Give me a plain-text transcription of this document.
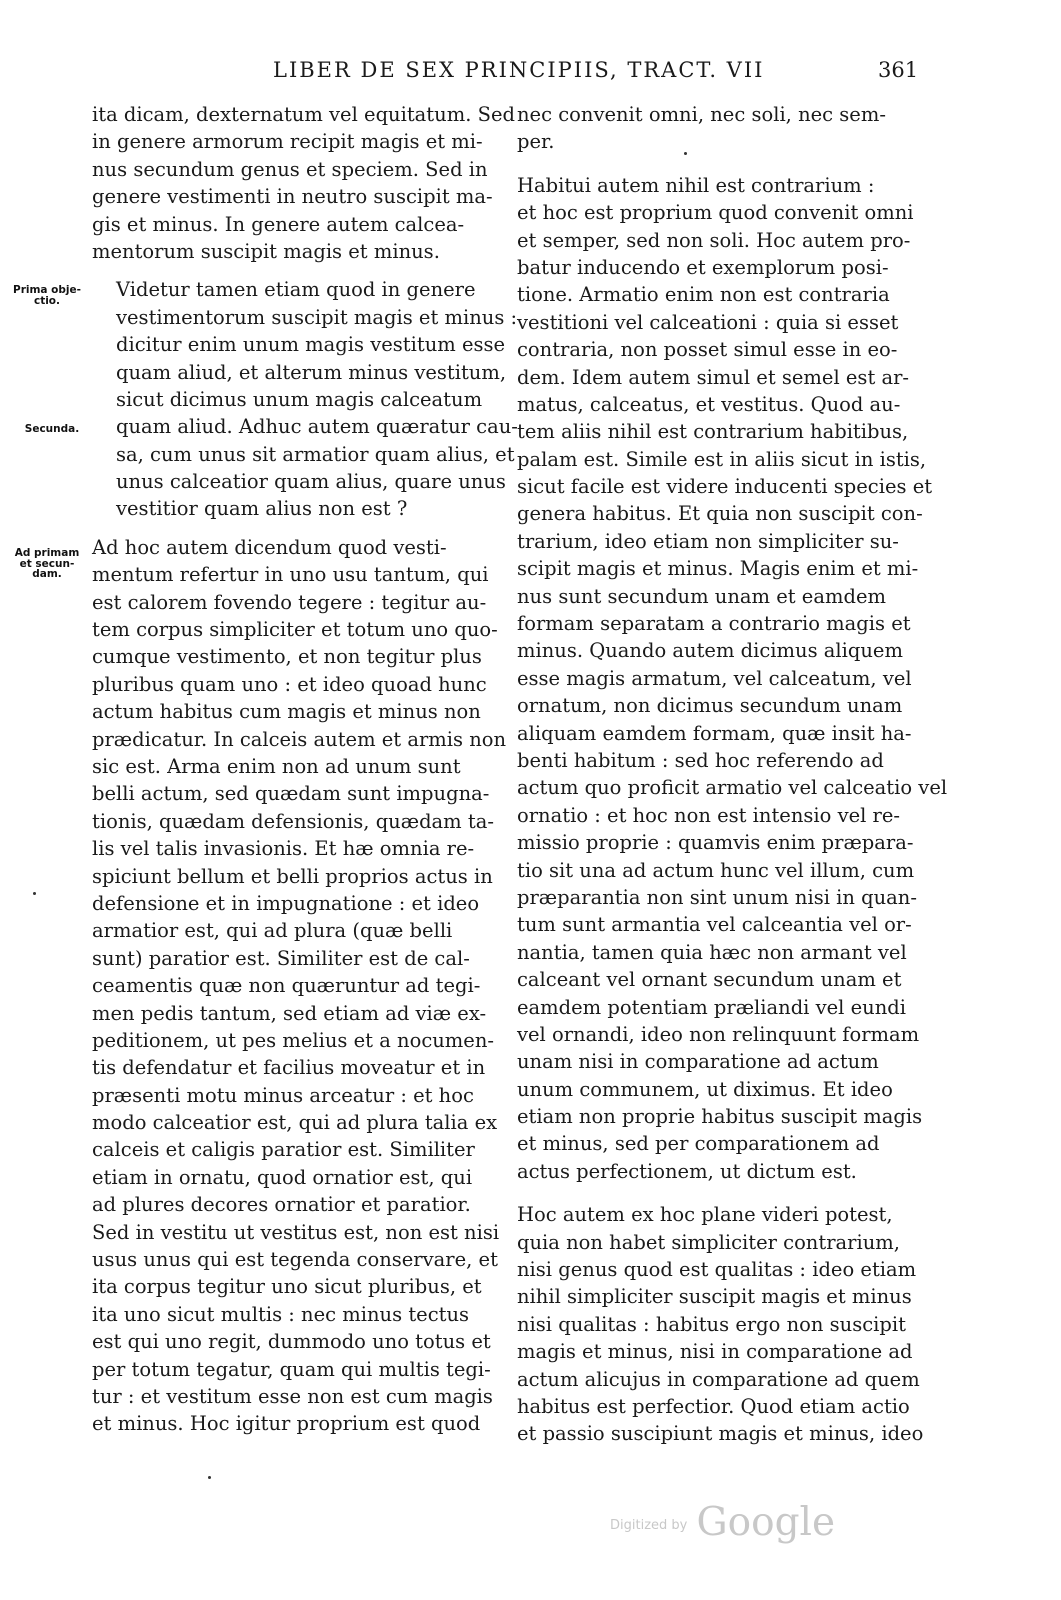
LIBER DE SEX PRINCIPIIS, TRACT. VII	361
Prima obje-
ctio.
Secunda.
Ad primam
et secun-
dam.
ita dicam, dexternatum vel equitatum. Sed
in genere armorum recipit magis et mi-
nus secundum genus et speciem. Sed in
genere vestimenti in neutro suscipit ma-
gis et minus. In genere autem calcea-
mentorum suscipit magis et minus.
Videtur tamen etiam quod in genere
vestimentorum suscipit magis et minus :
dicitur enim unum magis vestitum esse
quam aliud, et alterum minus vestitum,
sicut dicimus unum magis calceatum
quam aliud. Adhuc autem quæratur cau-
sa, cum unus sit armatior quam alius, et
unus calceatior quam alius, quare unus
vestitior quam alius non est ?
Ad hoc autem dicendum quod vesti-
mentum refertur in uno usu tantum, qui
est calorem fovendo tegere : tegitur au-
tem corpus simpliciter et totum uno quo-
cumque vestimento, et non tegitur plus
pluribus quam uno : et ideo quoad hunc
actum habitus cum magis et minus non
prædicatur. In calceis autem et armis non
sic est. Arma enim non ad unum sunt
belli actum, sed quædam sunt impugna-
tionis, quædam defensionis, quædam ta-
lis vel talis invasionis. Et hæ omnia re-
spiciunt bellum et belli proprios actus in
defensione et in impugnatione : et ideo
armatior est, qui ad plura (quæ belli
sunt) paratior est. Similiter est de cal-
ceamentis quæ non quæruntur ad tegi-
men pedis tantum, sed etiam ad viæ ex-
peditionem, ut pes melius et a nocumen-
tis defendatur et facilius moveatur et in
præsenti motu minus arceatur : et hoc
modo calceatior est, qui ad plura talia ex
calceis et caligis paratior est. Similiter
etiam in ornatu, quod ornatior est, qui
ad plures decores ornatior et paratior.
Sed in vestitu ut vestitus est, non est nisi
usus unus qui est tegenda conservare, et
ita corpus tegitur uno sicut pluribus, et
ita uno sicut multis : nec minus tectus
est qui uno regit, dummodo uno totus et
per totum tegatur, quam qui multis tegi-
tur : et vestitum esse non est cum magis
et minus. Hoc igitur proprium est quod
nec convenit omni, nec soli, nec sem-
per.
Habitui autem nihil est contrarium :
et hoc est proprium quod convenit omni
et semper, sed non soli. Hoc autem pro-
batur inducendo et exemplorum posi-
tione. Armatio enim non est contraria
vestitioni vel calceationi : quia si esset
contraria, non posset simul esse in eo-
dem. Idem autem simul et semel est ar-
matus, calceatus, et vestitus. Quod au-
tem aliis nihil est contrarium habitibus,
palam est. Simile est in aliis sicut in istis,
sicut facile est videre inducenti species et
genera habitus. Et quia non suscipit con-
trarium, ideo etiam non simpliciter su-
scipit magis et minus. Magis enim et mi-
nus sunt secundum unam et eamdem
formam separatam a contrario magis et
minus. Quando autem dicimus aliquem
esse magis armatum, vel calceatum, vel
ornatum, non dicimus secundum unam
aliquam eamdem formam, quæ insit ha-
benti habitum : sed hoc referendo ad
actum quo proficit armatio vel calceatio vel
ornatio : et hoc non est intensio vel re-
missio proprie : quamvis enim præpara-
tio sit una ad actum hunc vel illum, cum
præparantia non sint unum nisi in quan-
tum sunt armantia vel calceantia vel or-
nantia, tamen quia hæc non armant vel
calceant vel ornant secundum unam et
eamdem potentiam præliandi vel eundi
vel ornandi, ideo non relinquunt formam
unam nisi in comparatione ad actum
unum communem, ut diximus. Et ideo
etiam non proprie habitus suscipit magis
et minus, sed per comparationem ad
actus perfectionem, ut dictum est.
Hoc autem ex hoc plane videri potest,
quia non habet simpliciter contrarium,
nisi genus quod est qualitas : ideo etiam
nihil simpliciter suscipit magis et minus
nisi qualitas : habitus ergo non suscipit
magis et minus, nisi in comparatione ad
actum alicujus in comparatione ad quem
habitus est perfectior. Quod etiam actio
et passio suscipiunt magis et minus, ideo
$^{Digitized by}$ Google
